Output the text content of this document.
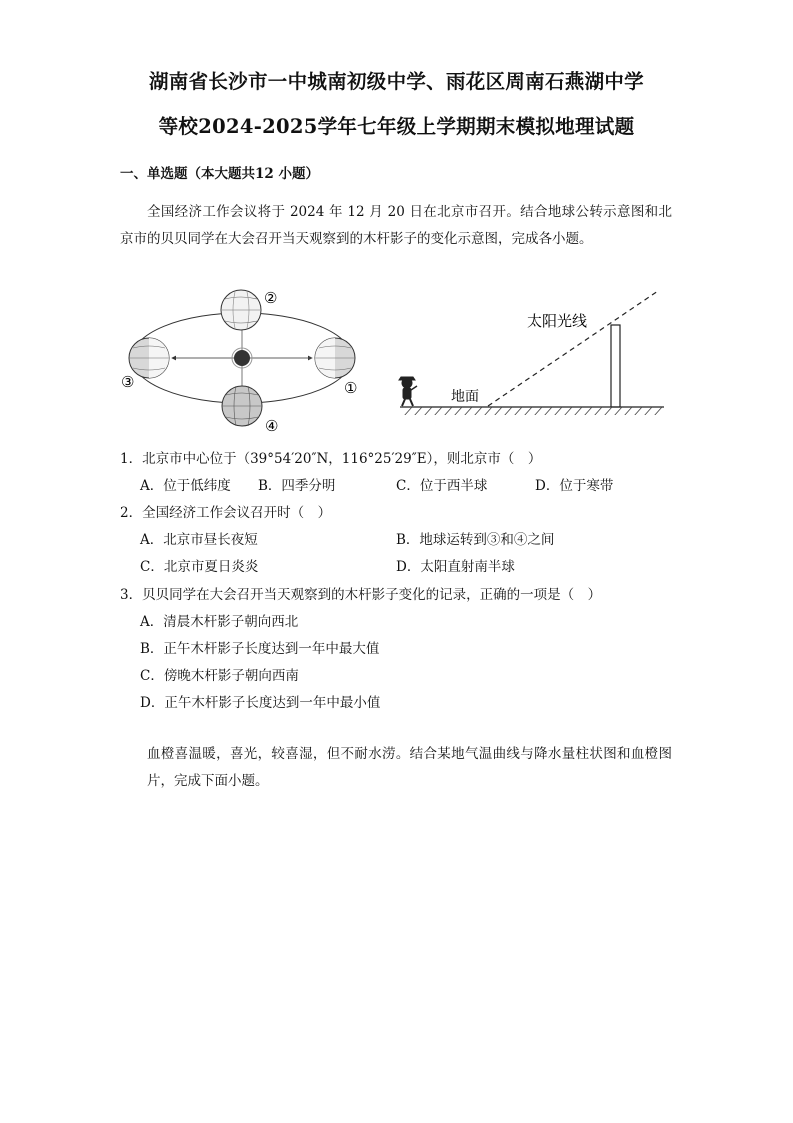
湖南省长沙市一中城南初级中学、雨花区周南石燕湖中学
等校2024-2025学年七年级上学期期末模拟地理试题
一、单选题（本大题共12 小题）
全国经济工作会议将于 2024 年 12 月 20 日在北京市召开。结合地球公转示意图和北京市的贝贝同学在大会召开当天观察到的木杆影子的变化示意图，完成各小题。
②
③	①
④
太阳光线
地面
1．北京市中心位于（39°54′20″N，116°25′29″E），则北京市（　）
A．位于低纬度 B．四季分明	C．位于西半球	D．位于寒带
2．全国经济工作会议召开时（　）
A．北京市昼长夜短	B．地球运转到③和④之间
C．北京市夏日炎炎	D．太阳直射南半球
3．贝贝同学在大会召开当天观察到的木杆影子变化的记录，正确的一项是（　）
A．清晨木杆影子朝向西北
B．正午木杆影子长度达到一年中最大值
C．傍晚木杆影子朝向西南
D．正午木杆影子长度达到一年中最小值
血橙喜温暖，喜光，较喜湿，但不耐水涝。结合某地气温曲线与降水量柱状图和血橙图片，完成下面小题。
